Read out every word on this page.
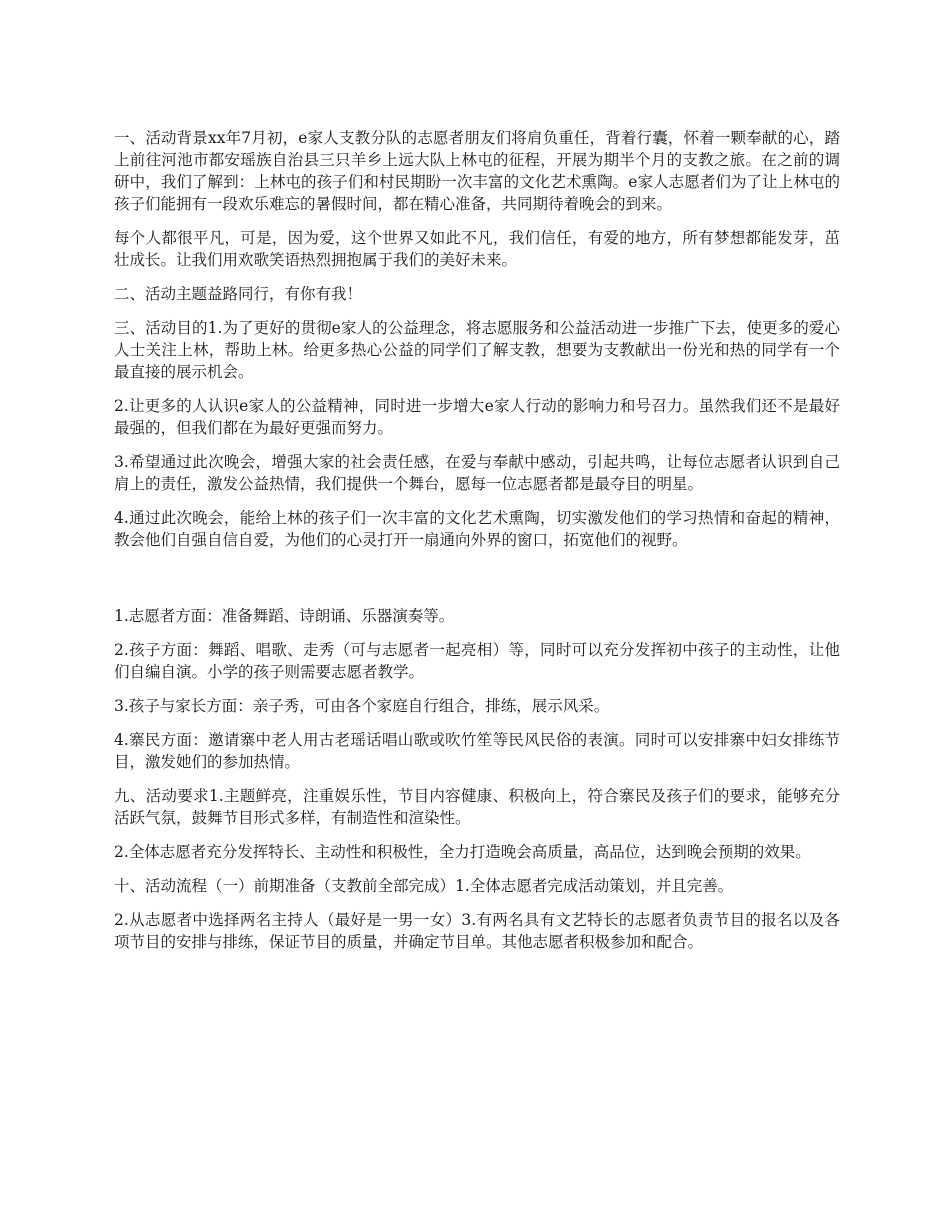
一、活动背景xx年7月初，e家人支教分队的志愿者朋友们将肩负重任，背着行囊，怀着一颗奉献的心，踏上前往河池市都安瑶族自治县三只羊乡上远大队上林屯的征程，开展为期半个月的支教之旅。在之前的调研中，我们了解到：上林屯的孩子们和村民期盼一次丰富的文化艺术熏陶。e家人志愿者们为了让上林屯的孩子们能拥有一段欢乐难忘的暑假时间，都在精心准备，共同期待着晚会的到来。

每个人都很平凡，可是，因为爱，这个世界又如此不凡，我们信任，有爱的地方，所有梦想都能发芽，茁壮成长。让我们用欢歌笑语热烈拥抱属于我们的美好未来。

二、活动主题益路同行，有你有我！

三、活动目的1.为了更好的贯彻e家人的公益理念，将志愿服务和公益活动进一步推广下去，使更多的爱心人士关注上林，帮助上林。给更多热心公益的同学们了解支教，想要为支教献出一份光和热的同学有一个最直接的展示机会。

2.让更多的人认识e家人的公益精神，同时进一步增大e家人行动的影响力和号召力。虽然我们还不是最好最强的，但我们都在为最好更强而努力。

3.希望通过此次晚会，增强大家的社会责任感，在爱与奉献中感动，引起共鸣，让每位志愿者认识到自己肩上的责任，激发公益热情，我们提供一个舞台，愿每一位志愿者都是最夺目的明星。

4.通过此次晚会，能给上林的孩子们一次丰富的文化艺术熏陶，切实激发他们的学习热情和奋起的精神，教会他们自强自信自爱，为他们的心灵打开一扇通向外界的窗口，拓宽他们的视野。

1.志愿者方面：准备舞蹈、诗朗诵、乐器演奏等。

2.孩子方面：舞蹈、唱歌、走秀（可与志愿者一起亮相）等，同时可以充分发挥初中孩子的主动性，让他们自编自演。小学的孩子则需要志愿者教学。

3.孩子与家长方面：亲子秀，可由各个家庭自行组合，排练，展示风采。

4.寨民方面：邀请寨中老人用古老瑶话唱山歌或吹竹笙等民风民俗的表演。同时可以安排寨中妇女排练节目，激发她们的参加热情。

九、活动要求1.主题鲜亮，注重娱乐性，节目内容健康、积极向上，符合寨民及孩子们的要求，能够充分活跃气氛，鼓舞节目形式多样，有制造性和渲染性。

2.全体志愿者充分发挥特长、主动性和积极性，全力打造晚会高质量，高品位，达到晚会预期的效果。

十、活动流程（一）前期准备（支教前全部完成）1.全体志愿者完成活动策划，并且完善。

2.从志愿者中选择两名主持人（最好是一男一女）3.有两名具有文艺特长的志愿者负责节目的报名以及各项节目的安排与排练，保证节目的质量，并确定节目单。其他志愿者积极参加和配合。
